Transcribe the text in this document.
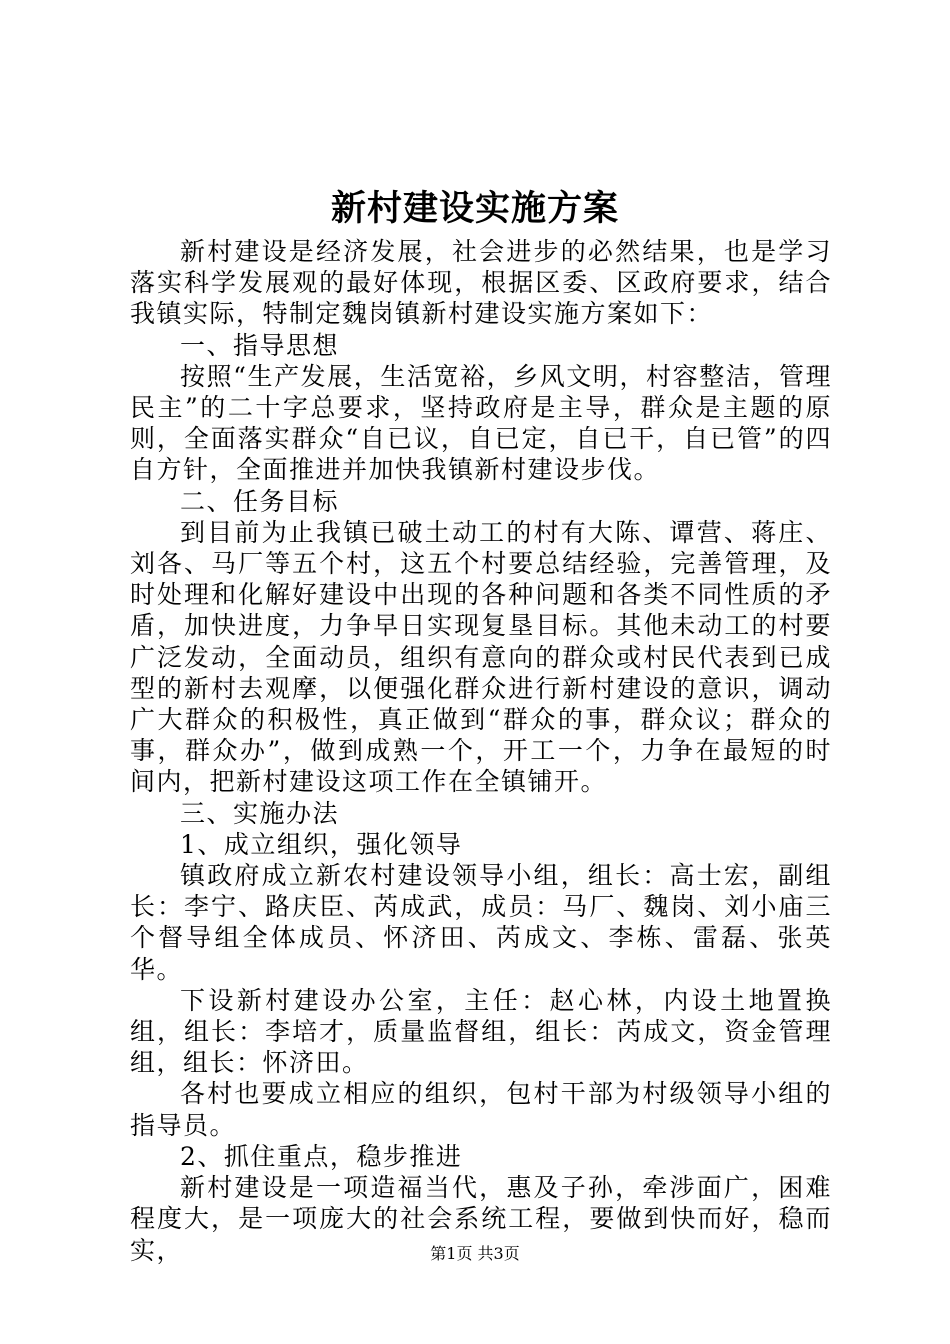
新村建设实施方案

新村建设是经济发展，社会进步的必然结果，也是学习落实科学发展观的最好体现，根据区委、区政府要求，结合我镇实际，特制定魏岗镇新村建设实施方案如下：

一、指导思想

按照“生产发展，生活宽裕，乡风文明，村容整洁，管理民主”的二十字总要求，坚持政府是主导，群众是主题的原则，全面落实群众“自已议，自已定，自已干，自已管”的四自方针，全面推进并加快我镇新村建设步伐。

二、任务目标

到目前为止我镇已破土动工的村有大陈、谭营、蒋庄、刘各、马厂等五个村，这五个村要总结经验，完善管理，及时处理和化解好建设中出现的各种问题和各类不同性质的矛盾，加快进度，力争早日实现复垦目标。其他未动工的村要广泛发动，全面动员，组织有意向的群众或村民代表到已成型的新村去观摩，以便强化群众进行新村建设的意识，调动广大群众的积极性，真正做到“群众的事，群众议；群众的事，群众办”，做到成熟一个，开工一个，力争在最短的时间内，把新村建设这项工作在全镇铺开。

三、实施办法

1、成立组织，强化领导

镇政府成立新农村建设领导小组，组长：高士宏，副组长：李宁、路庆臣、芮成武，成员：马厂、魏岗、刘小庙三个督导组全体成员、怀济田、芮成文、李栋、雷磊、张英华。

下设新村建设办公室，主任：赵心林，内设土地置换组，组长：李培才，质量监督组，组长：芮成文，资金管理组，组长：怀济田。

各村也要成立相应的组织，包村干部为村级领导小组的指导员。

2、抓住重点，稳步推进

新村建设是一项造福当代，惠及子孙，牵涉面广，困难程度大，是一项庞大的社会系统工程，要做到快而好，稳而实，	第1页 共3页
